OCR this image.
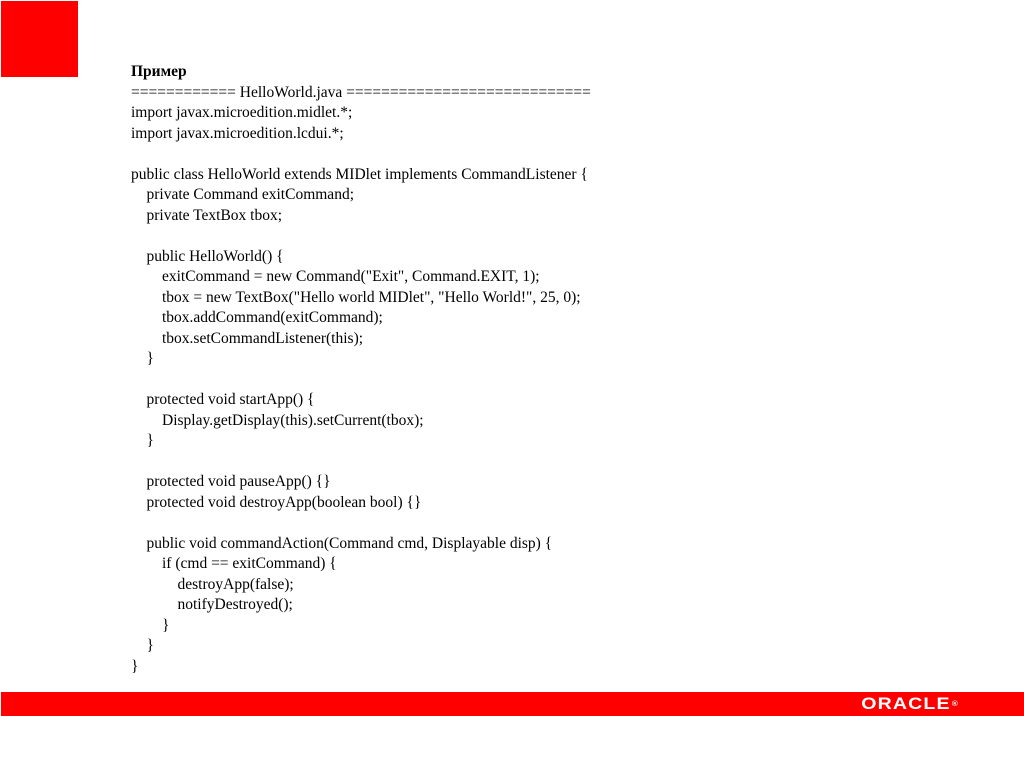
Пример
============ HelloWorld.java ============================
import javax.microedition.midlet.*;
import javax.microedition.lcdui.*;
public class HelloWorld extends MIDlet implements CommandListener {
private Command exitCommand;
private TextBox tbox;
public HelloWorld() {
exitCommand = new Command("Exit", Command.EXIT, 1);
tbox = new TextBox("Hello world MIDlet", "Hello World!", 25, 0);
tbox.addCommand(exitCommand);
tbox.setCommandListener(this);
}
protected void startApp() {
Display.getDisplay(this).setCurrent(tbox);
}
protected void pauseApp() {}
protected void destroyApp(boolean bool) {}
public void commandAction(Command cmd, Displayable disp) {
if (cmd == exitCommand) {
destroyApp(false);
notifyDestroyed();
}
}
}
ORACLE ®
